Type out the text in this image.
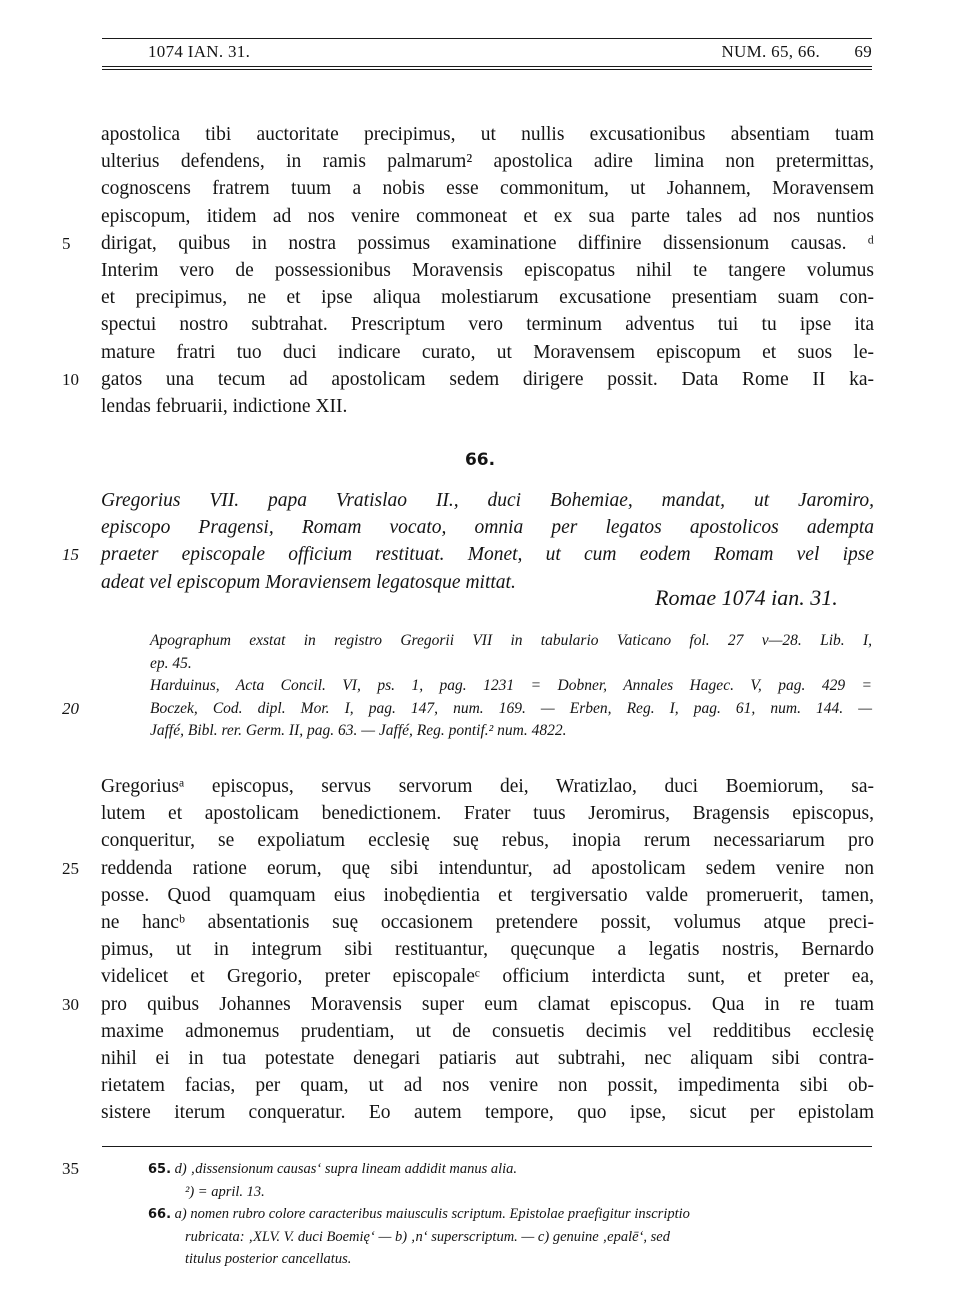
1074 IAN. 31.	NUM. 65, 66. 69
apostolica tibi auctoritate precipimus, ut nullis excusationibus absentiam tuam
ulterius defendens, in ramis palmarum² apostolica adire limina non pretermittas,
cognoscens fratrem tuum a nobis esse commonitum, ut Johannem, Moravensem
episcopum, itidem ad nos venire commoneat et ex sua parte tales ad nos nuntios
5	dirigat, quibus in nostra possimus examinatione diffinire dissensionum causas. ᵈ
Interim vero de possessionibus Moravensis episcopatus nihil te tangere volumus
et precipimus, ne et ipse aliqua molestiarum excusatione presentiam suam con-
spectui nostro subtrahat. Prescriptum vero terminum adventus tui tu ipse ita
mature fratri tuo duci indicare curato, ut Moravensem episcopum et suos le-
10 gatos una tecum ad apostolicam sedem dirigere possit. Data Rome II ka-
lendas februarii, indictione XII.
66.
Gregorius VII. papa Vratislao II., duci Bohemiae, mandat, ut Jaromiro,
episcopo Pragensi, Romam vocato, omnia per legatos apostolicos adempta
15 praeter episcopale officium restituat. Monet, ut cum eodem Romam vel ipse
adeat vel episcopum Moraviensem legatosque mittat.
Romae 1074 ian. 31.
Apographum exstat in registro Gregorii VII in tabulario Vaticano fol. 27 v—28. Lib. I,
ep. 45.
Harduinus, Acta Concil. VI, ps. 1, pag. 1231 = Dobner, Annales Hagec. V, pag. 429 =
20	Boczek, Cod. dipl. Mor. I, pag. 147, num. 169. — Erben, Reg. I, pag. 61, num. 144. —
Jaffé, Bibl. rer. Germ. II, pag. 63. — Jaffé, Reg. pontif.² num. 4822.
Gregoriusᵃ episcopus, servus servorum dei, Wratizlao, duci Boemiorum, sa-
lutem et apostolicam benedictionem. Frater tuus Jeromirus, Bragensis episcopus,
conqueritur, se expoliatum ecclesię suę rebus, inopia rerum necessariarum pro
25 reddenda ratione eorum, quę sibi intenduntur, ad apostolicam sedem venire non
posse. Quod quamquam eius inobędientia et tergiversatio valde promeruerit, tamen,
ne hancᵇ absentationis suę occasionem pretendere possit, volumus atque preci-
pimus, ut in integrum sibi restituantur, quęcunque a legatis nostris, Bernardo
videlicet et Gregorio, preter episcopaleᶜ officium interdicta sunt, et preter ea,
30 pro quibus Johannes Moravensis super eum clamat episcopus. Qua in re tuam
maxime admonemus prudentiam, ut de consuetis decimis vel redditibus ecclesię
nihil ei in tua potestate denegari patiaris aut subtrahi, nec aliquam sibi contra-
rietatem facias, per quam, ut ad nos venire non possit, impedimenta sibi ob-
sistere iterum conqueratur. Eo autem tempore, quo ipse, sicut per epistolam
35	65. d) ‚dissensionum causas‘ supra lineam addidit manus alia.
²) = april. 13.
66. a) nomen rubro colore caracteribus maiusculis scriptum. Epistolae praefigitur inscriptio
rubricata: ‚XLV. V. duci Boemię‘ — b) ‚n‘ superscriptum. — c) genuine ‚epalē‘, sed
titulus posterior cancellatus.
